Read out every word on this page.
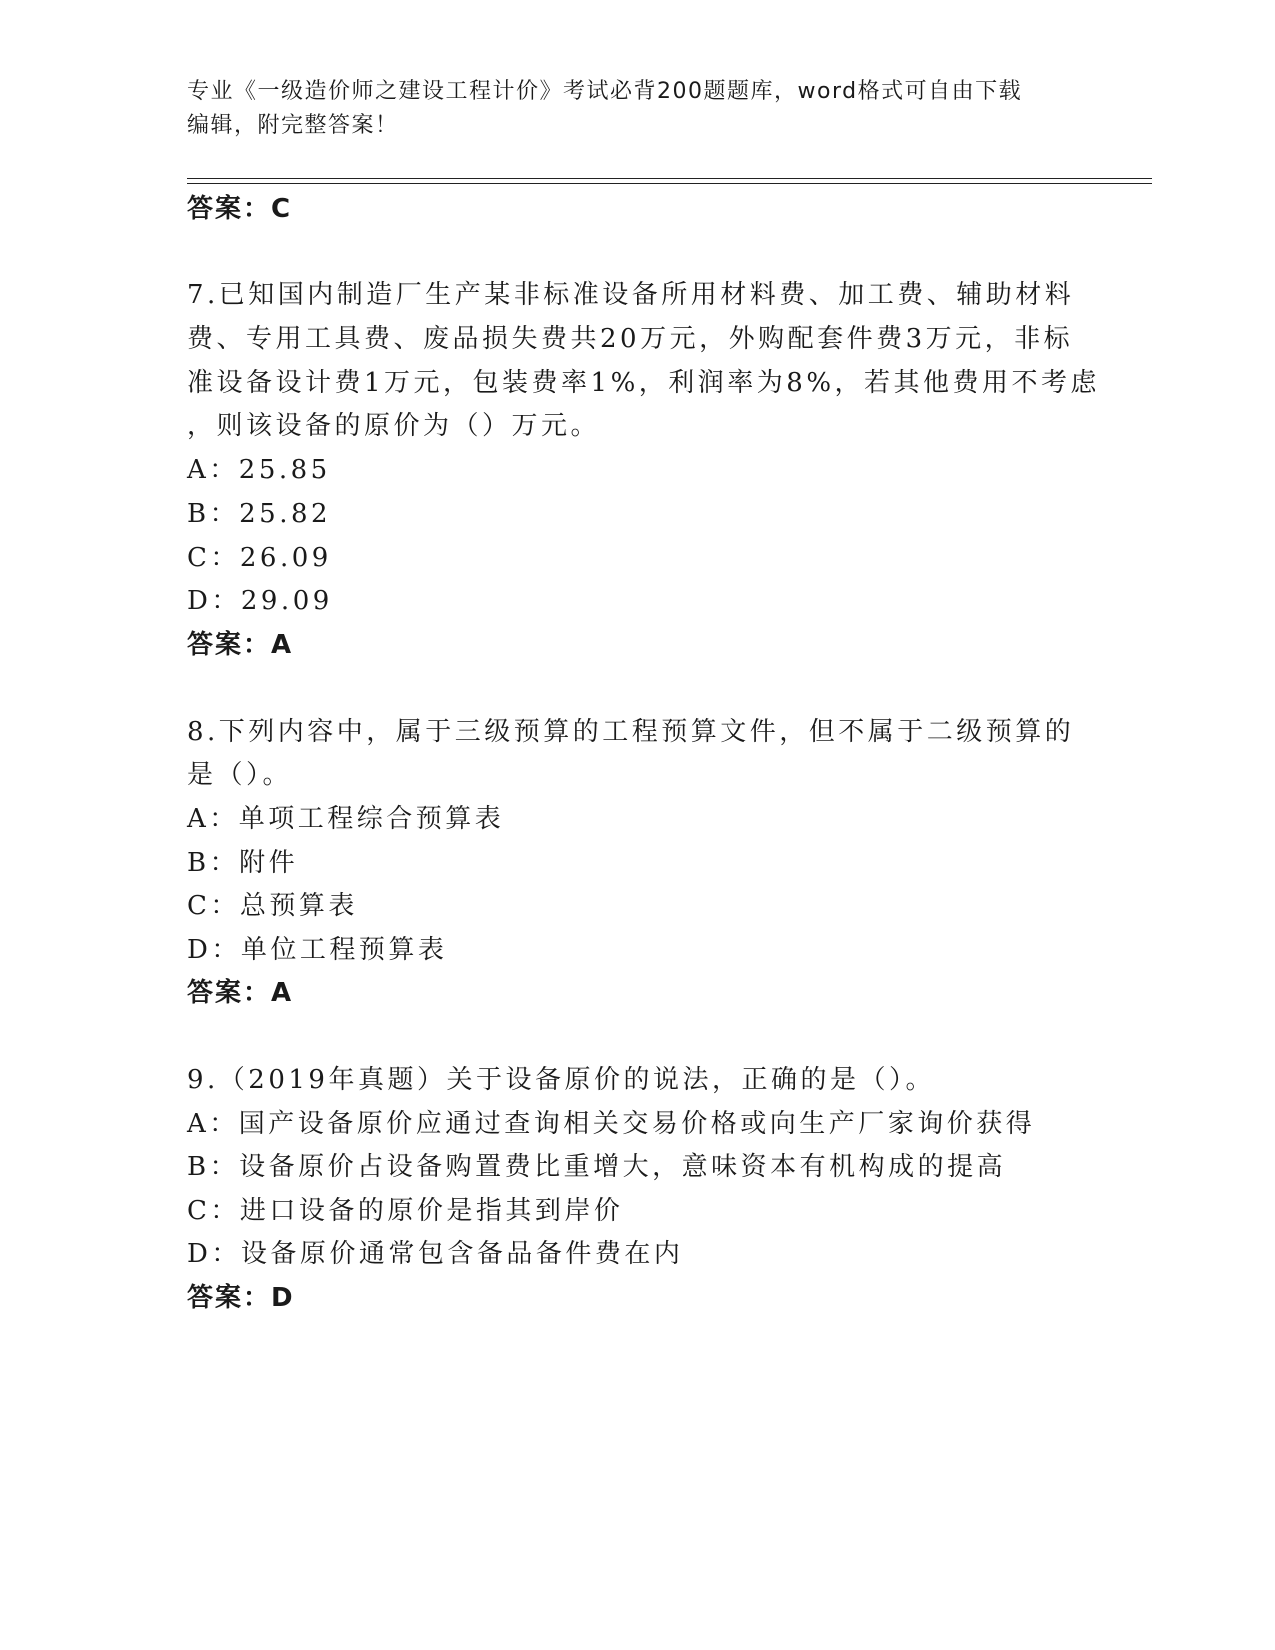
专业《一级造价师之建设工程计价》考试必背200题题库，word格式可自由下载
编辑，附完整答案！
答案：C
7.已知国内制造厂生产某非标准设备所用材料费、加工费、辅助材料
费、专用工具费、废品损失费共20万元，外购配套件费3万元，非标
准设备设计费1万元，包装费率1%，利润率为8%，若其他费用不考虑
，则该设备的原价为（）万元。
A：25.85
B：25.82
C：26.09
D：29.09
答案：A
8.下列内容中，属于三级预算的工程预算文件，但不属于二级预算的
是（）。
A：单项工程综合预算表
B：附件
C：总预算表
D：单位工程预算表
答案：A
9.（2019年真题）关于设备原价的说法，正确的是（）。
A：国产设备原价应通过查询相关交易价格或向生产厂家询价获得
B：设备原价占设备购置费比重增大，意味资本有机构成的提高
C：进口设备的原价是指其到岸价
D：设备原价通常包含备品备件费在内
答案：D
